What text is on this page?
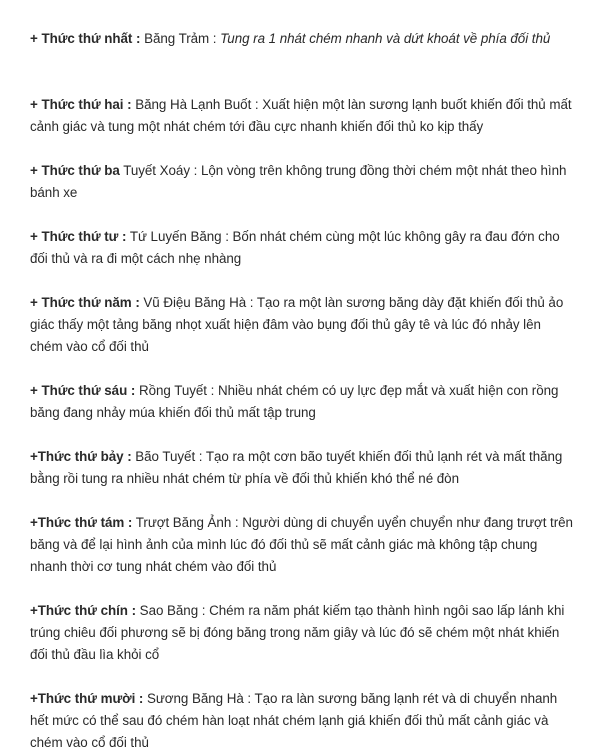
+ Thức thứ nhất : Băng Trảm : Tung ra 1 nhát chém nhanh và dứt khoát về phía đối thủ
+ Thức thứ hai : Băng Hà Lạnh Buốt : Xuất hiện một làn sương lạnh buốt khiến đối thủ mất cảnh giác và tung một nhát chém tới đầu cực nhanh khiến đối thủ ko kịp thấy
+ Thức thứ ba Tuyết Xoáy : Lộn vòng trên không trung đồng thời chém một nhát theo hình bánh xe
+ Thức thứ tư : Tứ Luyến Băng : Bốn nhát chém cùng một lúc không gây ra đau đớn cho đối thủ và ra đi một cách nhẹ nhàng
+ Thức thứ năm : Vũ Điệu Băng Hà : Tạo ra một làn sương băng dày đặt khiến đối thủ ảo giác thấy một tảng băng nhọt xuất hiện đâm vào bụng đối thủ gây tê và lúc đó nhảy lên chém vào cổ đối thủ
+ Thức thứ sáu : Rồng Tuyết : Nhiều nhát chém có uy lực đẹp mắt và xuất hiện con rồng băng đang nhảy múa khiến đối thủ mất tập trung
+Thức thứ bảy : Bão Tuyết : Tạo ra một cơn bão tuyết khiến đối thủ lạnh rét và mất thăng bằng rồi tung ra nhiều nhát chém từ phía về đối thủ khiến khó thể né đòn
+Thức thứ tám : Trượt Băng Ảnh : Người dùng di chuyển uyển chuyển như đang trượt trên băng và để lại hình ảnh của mình lúc đó đối thủ sẽ mất cảnh giác mà không tập chung nhanh thời cơ tung nhát chém vào đối thủ
+Thức thứ chín : Sao Băng : Chém ra năm phát kiếm tạo thành hình ngôi sao lấp lánh khi trúng chiêu đối phương sẽ bị đóng băng trong năm giây và lúc đó sẽ chém một nhát khiến đối thủ đầu lìa khỏi cổ
+Thức thứ mười : Sương Băng Hà : Tạo ra làn sương băng lạnh rét và di chuyển nhanh hết mức có thể sau đó chém hàn loạt nhát chém lạnh giá khiến đối thủ mất cảnh giác và chém vào cổ đối thủ
